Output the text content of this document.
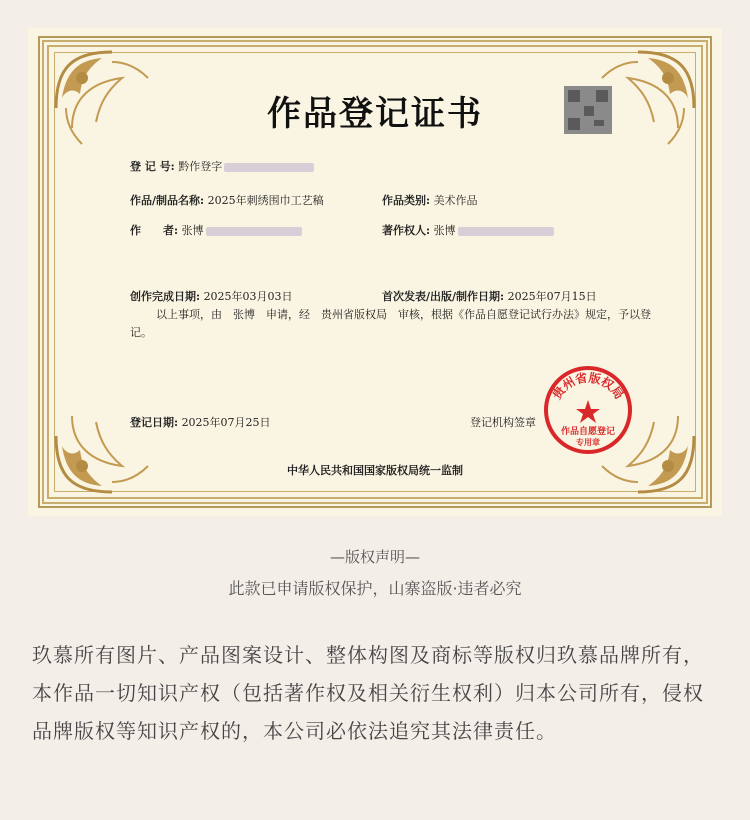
作品登记证书
登 记 号: 黔作登字
作品/制品名称: 2025年刺绣围巾工艺稿	作品类别: 美术作品
作　　者: 张博	著作权人: 张博
创作完成日期: 2025年03月03日	首次发表/出版/制作日期: 2025年07月15日
以上事项，由　张博　申请，经　贵州省版权局　审核，根据《作品自愿登记试行办法》规定，予以登记。
登记日期: 2025年07月25日	登记机构签章
贵州省版权局
作品自愿登记
专用章
中华人民共和国国家版权局统一监制
—版权声明—
此款已申请版权保护，山寨盗版·违者必究
玖慕所有图片、产品图案设计、整体构图及商标等版权归玖慕品牌所有，本作品一切知识产权（包括著作权及相关衍生权利）归本公司所有，侵权品牌版权等知识产权的，本公司必依法追究其法律责任。
